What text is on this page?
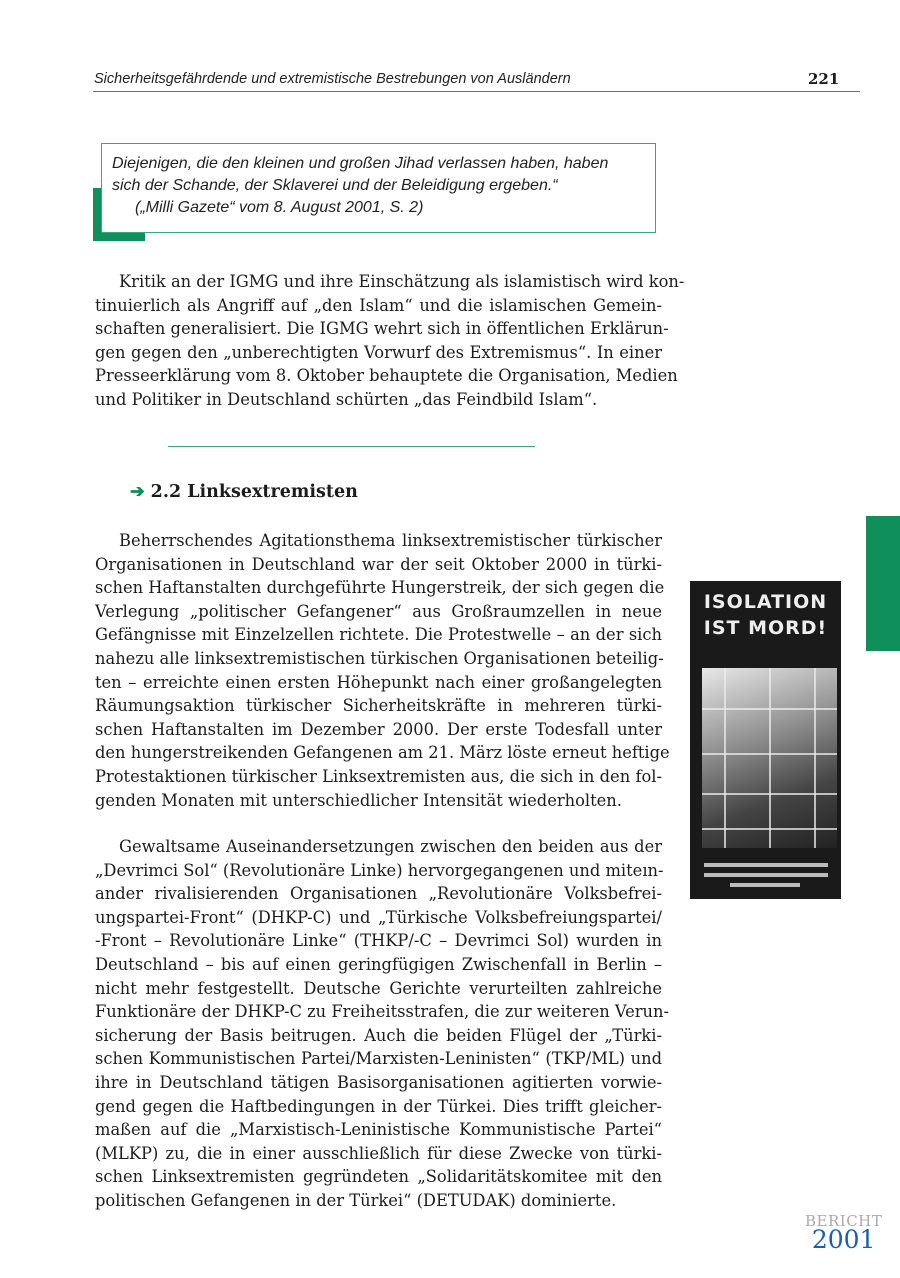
Sicherheitsgefährdende und extremistische Bestrebungen von Ausländern	221
Diejenigen, die den kleinen und großen Jihad verlassen haben, haben
sich der Schande, der Sklaverei und der Beleidigung ergeben.“
(„Milli Gazete“ vom 8. August 2001, S. 2)
Kritik an der IGMG und ihre Einschätzung als islamistisch wird kon-
tinuierlich als Angriff auf „den Islam“ und die islamischen Gemein-
schaften generalisiert. Die IGMG wehrt sich in öffentlichen Erklärun-
gen gegen den „unberechtigten Vorwurf des Extremismus“. In einer
Presseerklärung vom 8. Oktober behauptete die Organisation, Medien
und Politiker in Deutschland schürten „das Feindbild Islam“.
➔ 2.2 Linksextremisten
Beherrschendes Agitationsthema linksextremistischer türkischer
Organisationen in Deutschland war der seit Oktober 2000 in türki-
schen Haftanstalten durchgeführte Hungerstreik, der sich gegen die
Verlegung „politischer Gefangener“ aus Großraumzellen in neue
Gefängnisse mit Einzelzellen richtete. Die Protestwelle – an der sich
nahezu alle linksextremistischen türkischen Organisationen beteilig-
ten – erreichte einen ersten Höhepunkt nach einer großangelegten
Räumungsaktion türkischer Sicherheitskräfte in mehreren türki-
schen Haftanstalten im Dezember 2000. Der erste Todesfall unter
den hungerstreikenden Gefangenen am 21. März löste erneut heftige
Protestaktionen türkischer Linksextremisten aus, die sich in den fol-
genden Monaten mit unterschiedlicher Intensität wiederholten.
Gewaltsame Auseinandersetzungen zwischen den beiden aus der
„Devrimci Sol“ (Revolutionäre Linke) hervorgegangenen und miteın-
ander rivalisierenden Organisationen „Revolutionäre Volksbefrei-
ungspartei-Front“ (DHKP-C) und „Türkische Volksbefreiungspartei/
-Front – Revolutionäre Linke“ (THKP/-C – Devrimci Sol) wurden in
Deutschland – bis auf einen geringfügigen Zwischenfall in Berlin –
nicht mehr festgestellt. Deutsche Gerichte verurteilten zahlreiche
Funktionäre der DHKP-C zu Freiheitsstrafen, die zur weiteren Verun-
sicherung der Basis beitrugen. Auch die beiden Flügel der „Türki-
schen Kommunistischen Partei/Marxisten-Leninisten“ (TKP/ML) und
ihre in Deutschland tätigen Basisorganisationen agitierten vorwie-
gend gegen die Haftbedingungen in der Türkei. Dies trifft gleicher-
maßen auf die „Marxistisch-Leninistische Kommunistische Partei“
(MLKP) zu, die in einer ausschließlich für diese Zwecke von türki-
schen Linksextremisten gegründeten „Solidaritätskomitee mit den
politischen Gefangenen in der Türkei“ (DETUDAK) dominierte.
ISOLATION
IST MORD!
BERICHT
2001
